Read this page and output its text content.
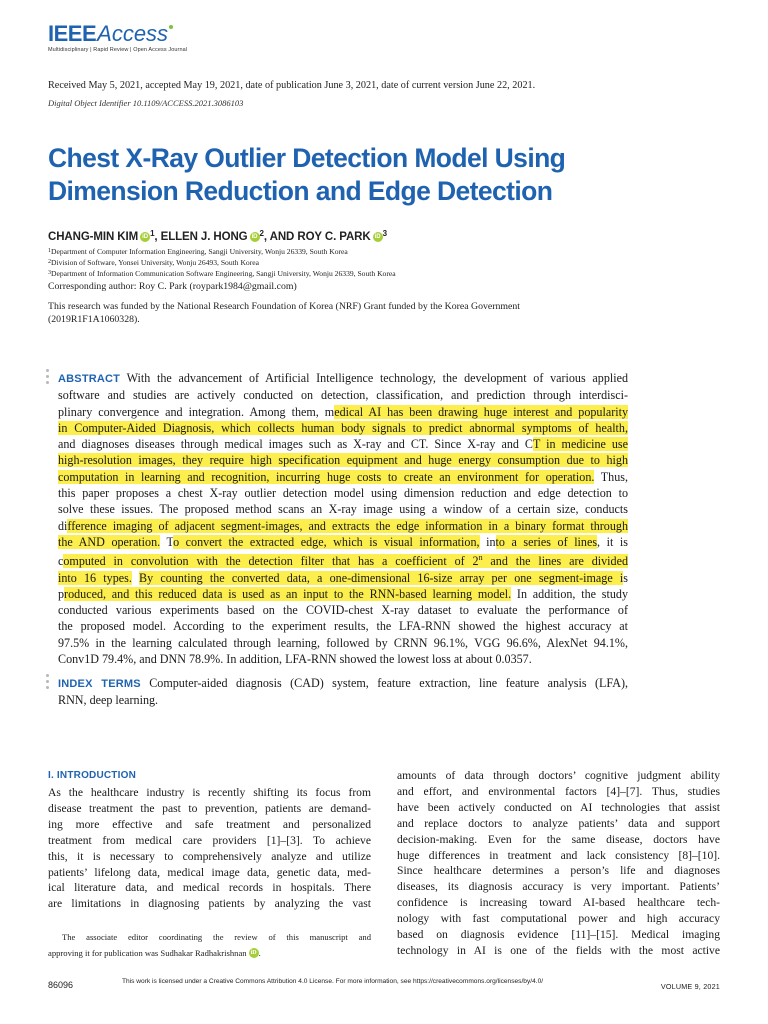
IEEEAccess
Multidisciplinary | Rapid Review | Open Access Journal
Received May 5, 2021, accepted May 19, 2021, date of publication June 3, 2021, date of current version June 22, 2021.
Digital Object Identifier 10.1109/ACCESS.2021.3086103
Chest X-Ray Outlier Detection Model Using
Dimension Reduction and Edge Detection
CHANG-MIN KIM iD $^1$, ELLEN J. HONG iD $^2$, AND ROY C. PARK iD $^3$
$^1$Department of Computer Information Engineering, Sangji University, Wonju 26339, South Korea
$^2$Division of Software, Yonsei University, Wonju 26493, South Korea
$^3$Department of Information Communication Software Engineering, Sangji University, Wonju 26339, South Korea
Corresponding author: Roy C. Park (roypark1984@gmail.com)
This research was funded by the National Research Foundation of Korea (NRF) Grant funded by the Korea Government
(2019R1F1A1060328).
ABSTRACT With the advancement of Artificial Intelligence technology, the development of various applied
software and studies are actively conducted on detection, classification, and prediction through interdisci-
plinary convergence and integration. Among them, medical AI has been drawing huge interest and popularity
in Computer-Aided Diagnosis, which collects human body signals to predict abnormal symptoms of health,
and diagnoses diseases through medical images such as X-ray and CT. Since X-ray and CT in medicine use
high-resolution images, they require high specification equipment and huge energy consumption due to high
computation in learning and recognition, incurring huge costs to create an environment for operation. Thus,
this paper proposes a chest X-ray outlier detection model using dimension reduction and edge detection to
solve these issues. The proposed method scans an X-ray image using a window of a certain size, conducts
difference imaging of adjacent segment-images, and extracts the edge information in a binary format through
the AND operation. To convert the extracted edge, which is visual information, into a series of lines, it is
computed in convolution with the detection filter that has a coefficient of 2$^n$ and the lines are divided
into 16 types. By counting the converted data, a one-dimensional 16-size array per one segment-image is
produced, and this reduced data is used as an input to the RNN-based learning model. In addition, the study
conducted various experiments based on the COVID-chest X-ray dataset to evaluate the performance of
the proposed model. According to the experiment results, the LFA-RNN showed the highest accuracy at
97.5% in the learning calculated through learning, followed by CRNN 96.1%, VGG 96.6%, AlexNet 94.1%,
Conv1D 79.4%, and DNN 78.9%. In addition, LFA-RNN showed the lowest loss at about 0.0357.
INDEX TERMS Computer-aided diagnosis (CAD) system, feature extraction, line feature analysis (LFA),
RNN, deep learning.
I. INTRODUCTION
As the healthcare industry is recently shifting its focus from
disease treatment the past to prevention, patients are demand-
ing more effective and safe treatment and personalized
treatment from medical care providers [1]–[3]. To achieve
this, it is necessary to comprehensively analyze and utilize
patients’ lifelong data, medical image data, genetic data, med-
ical literature data, and medical records in hospitals. There
are limitations in diagnosing patients by analyzing the vast
amounts of data through doctors’ cognitive judgment ability
and effort, and environmental factors [4]–[7]. Thus, studies
have been actively conducted on AI technologies that assist
and replace doctors to analyze patients’ data and support
decision-making. Even for the same disease, doctors have
huge differences in treatment and lack consistency [8]–[10].
Since healthcare determines a person’s life and diagnoses
diseases, its diagnosis accuracy is very important. Patients’
confidence is increasing toward AI-based healthcare tech-
nology with fast computational power and high accuracy
based on diagnosis evidence [11]–[15]. Medical imaging
technology in AI is one of the fields with the most active
The associate editor coordinating the review of this manuscript and
approving it for publication was Sudhakar Radhakrishnan iD .
86096	This work is licensed under a Creative Commons Attribution 4.0 License. For more information, see https://creativecommons.org/licenses/by/4.0/
VOLUME 9, 2021
